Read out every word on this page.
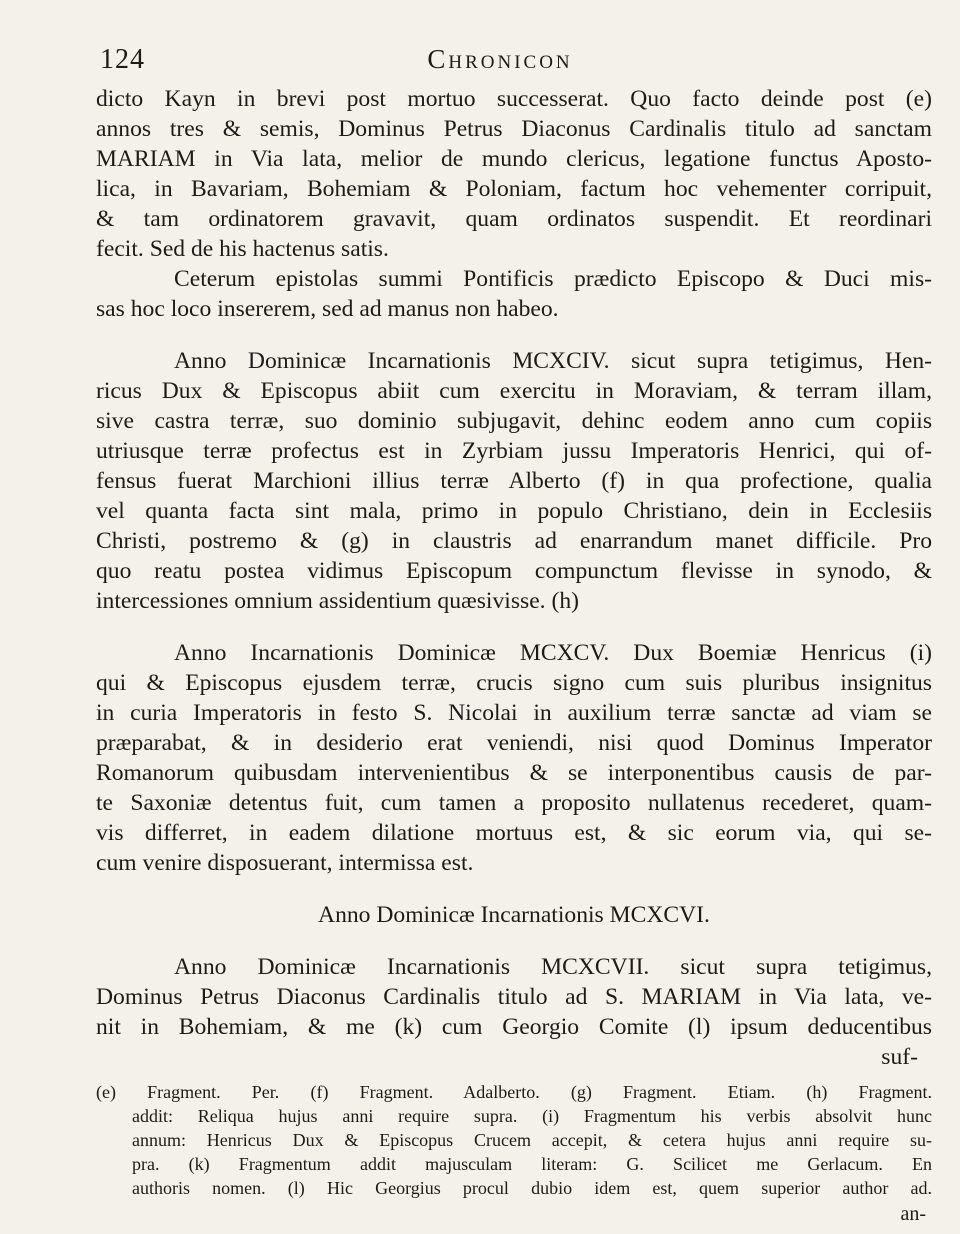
124	Chronicon
dicto Kayn in brevi post mortuo successerat. Quo facto deinde post (e)
annos tres & semis, Dominus Petrus Diaconus Cardinalis titulo ad sanctam
MARIAM in Via lata, melior de mundo clericus, legatione functus Aposto-
lica, in Bavariam, Bohemiam & Poloniam, factum hoc vehementer corripuit,
& tam ordinatorem gravavit, quam ordinatos suspendit. Et reordinari
fecit. Sed de his hactenus satis.
Ceterum epistolas summi Pontificis prædicto Episcopo & Duci mis-
sas hoc loco insererem, sed ad manus non habeo.
Anno Dominicæ Incarnationis MCXCIV. sicut supra tetigimus, Hen-
ricus Dux & Episcopus abiit cum exercitu in Moraviam, & terram illam,
sive castra terræ, suo dominio subjugavit, dehinc eodem anno cum copiis
utriusque terræ profectus est in Zyrbiam jussu Imperatoris Henrici, qui of-
fensus fuerat Marchioni illius terræ Alberto (f) in qua profectione, qualia
vel quanta facta sint mala, primo in populo Christiano, dein in Ecclesiis
Christi, postremo & (g) in claustris ad enarrandum manet difficile. Pro
quo reatu postea vidimus Episcopum compunctum flevisse in synodo, &
intercessiones omnium assidentium quæsivisse. (h)
Anno Incarnationis Dominicæ MCXCV. Dux Boemiæ Henricus (i)
qui & Episcopus ejusdem terræ, crucis signo cum suis pluribus insignitus
in curia Imperatoris in festo S. Nicolai in auxilium terræ sanctæ ad viam se
præparabat, & in desiderio erat veniendi, nisi quod Dominus Imperator
Romanorum quibusdam intervenientibus & se interponentibus causis de par-
te Saxoniæ detentus fuit, cum tamen a proposito nullatenus recederet, quam-
vis differret, in eadem dilatione mortuus est, & sic eorum via, qui se-
cum venire disposuerant, intermissa est.
Anno Dominicæ Incarnationis MCXCVI.
Anno Dominicæ Incarnationis MCXCVII. sicut supra tetigimus,
Dominus Petrus Diaconus Cardinalis titulo ad S. MARIAM in Via lata, ve-
nit in Bohemiam, & me (k) cum Georgio Comite (l) ipsum deducentibus
suf-
(e) Fragment. Per. (f) Fragment. Adalberto. (g) Fragment. Etiam. (h) Fragment.
addit: Reliqua hujus anni require supra. (i) Fragmentum his verbis absolvit hunc
annum: Henricus Dux & Episcopus Crucem accepit, & cetera hujus anni require su-
pra. (k) Fragmentum addit majusculam literam: G. Scilicet me Gerlacum. En
authoris nomen. (l) Hic Georgius procul dubio idem est, quem superior author ad.
an-
